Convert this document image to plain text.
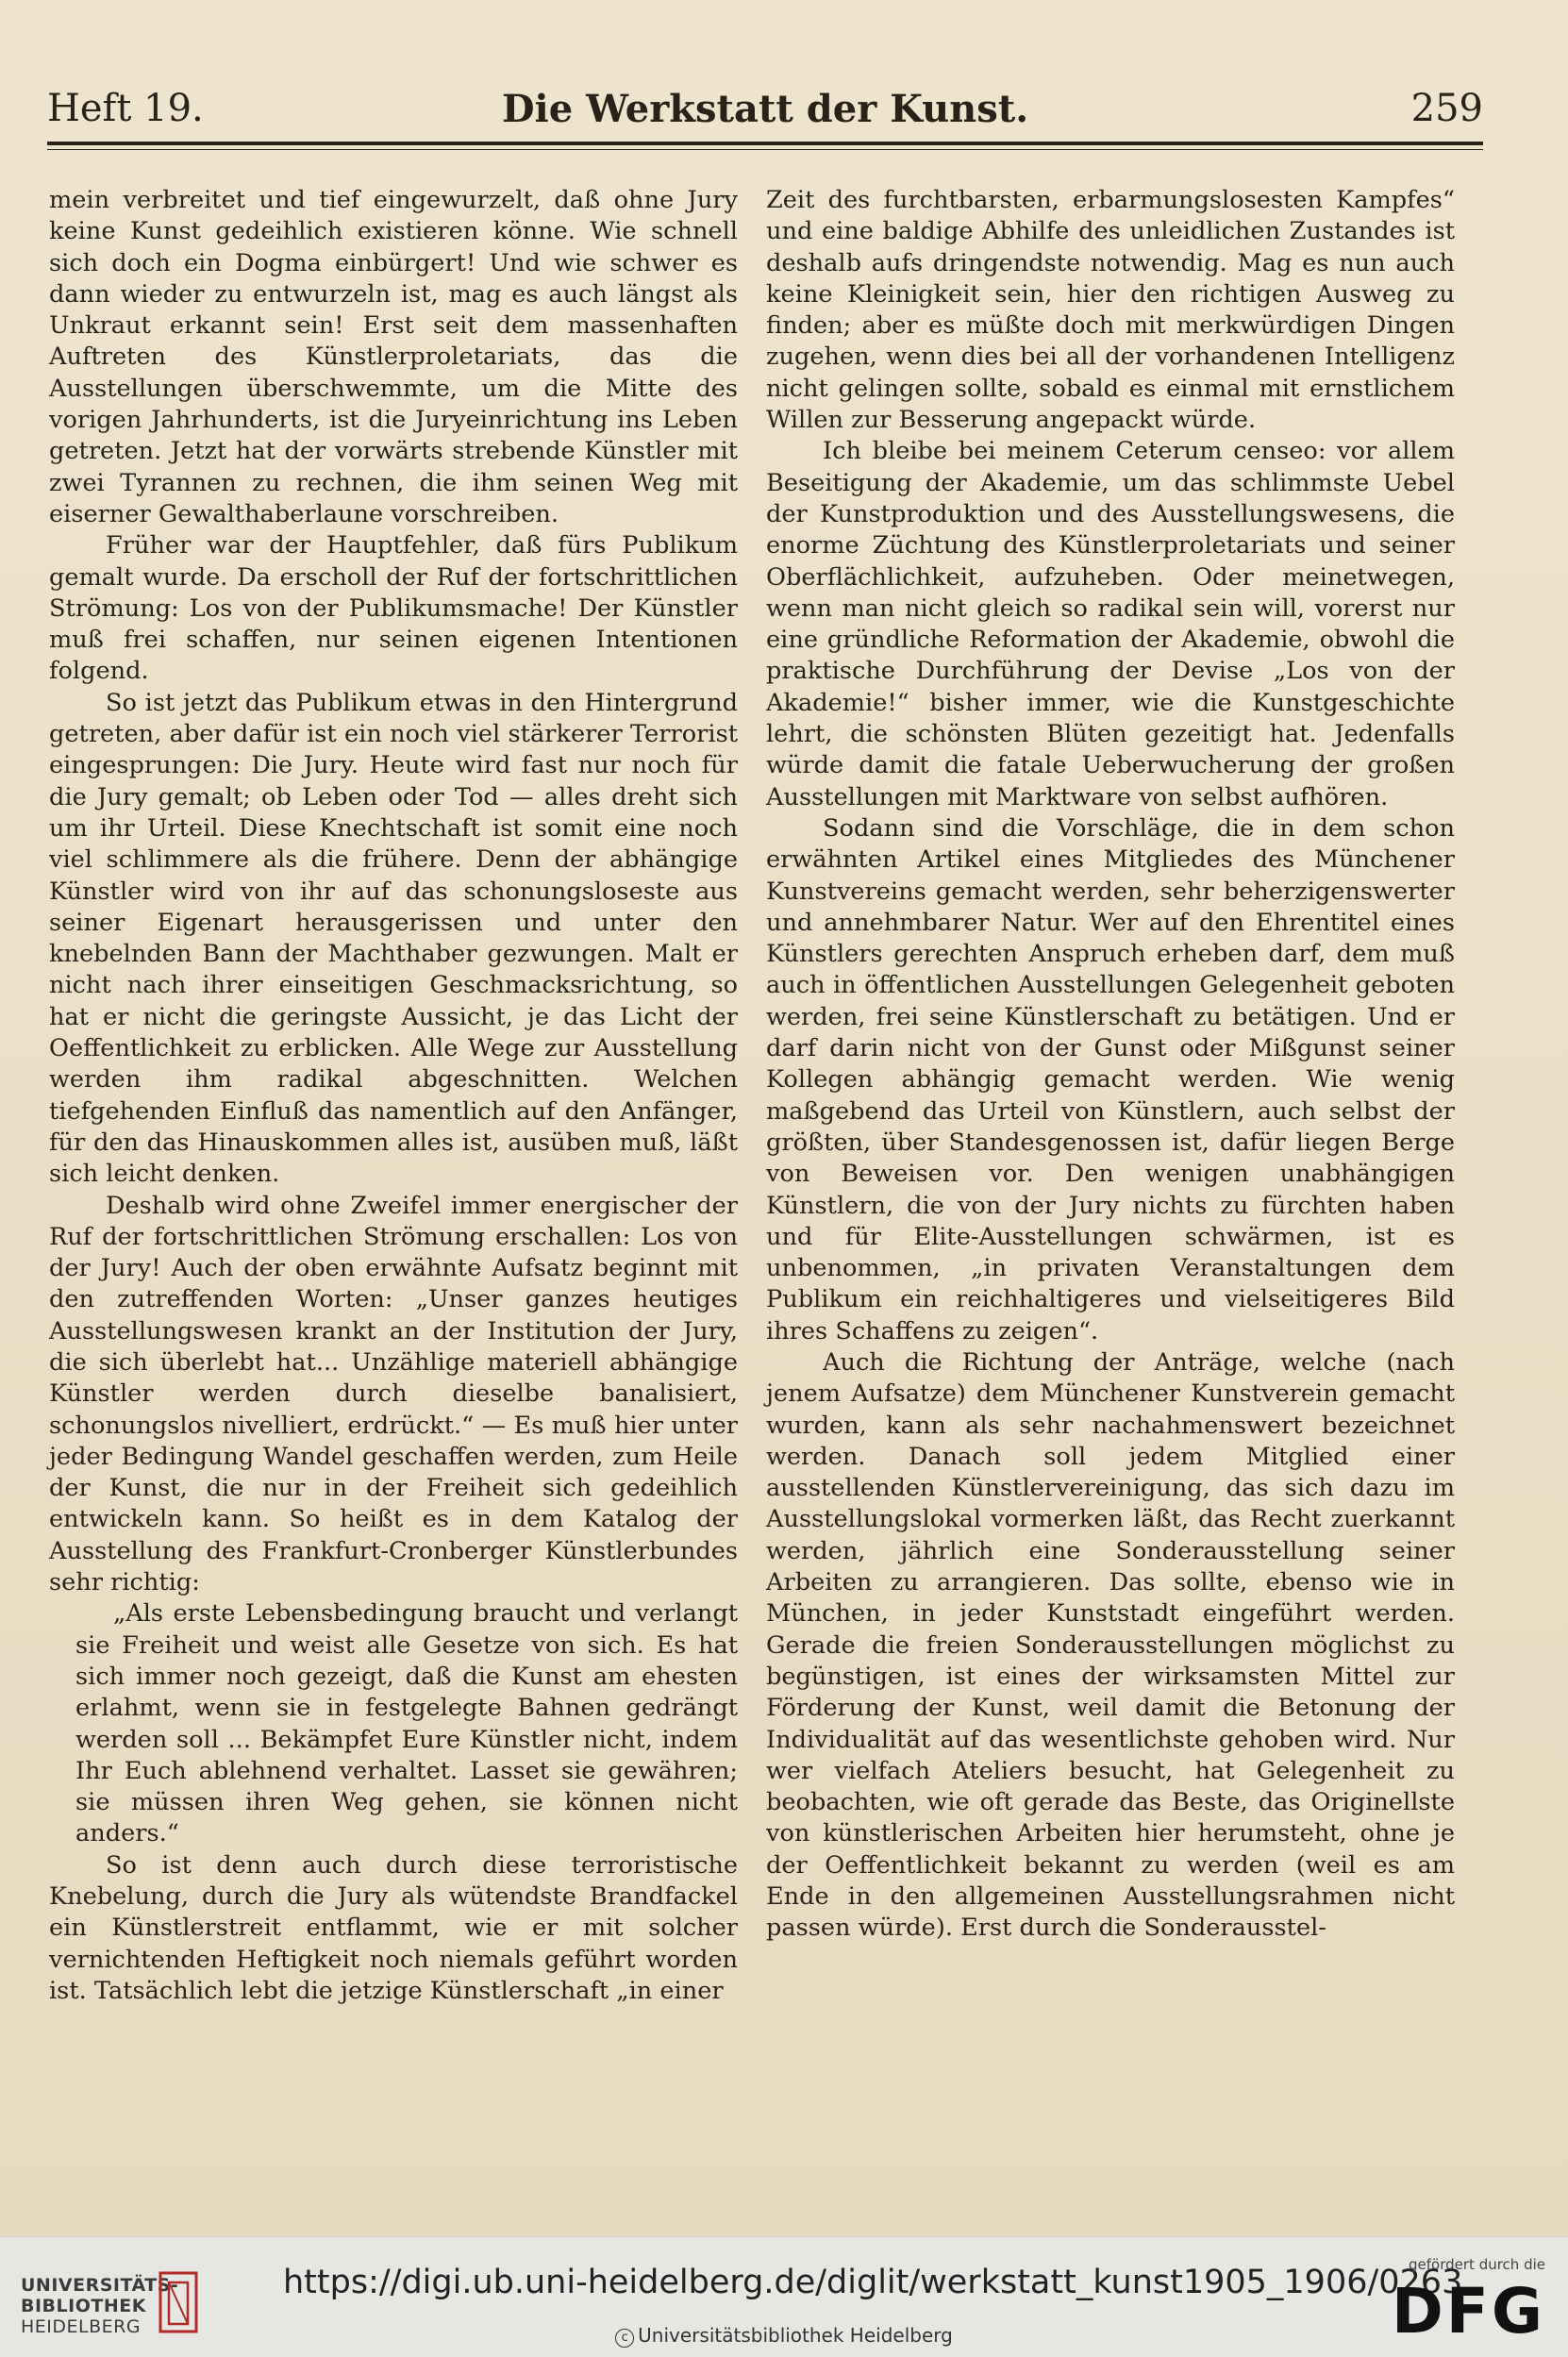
Heft 19.	Die Werkstatt der Kunst.	259

mein verbreitet und tief eingewurzelt, daß ohne Jury keine Kunst gedeihlich existieren könne. Wie schnell sich doch ein Dogma einbürgert! Und wie schwer es dann wieder zu entwurzeln ist, mag es auch längst als Unkraut erkannt sein! Erst seit dem massenhaften Auftreten des Künstlerproletariats, das die Ausstellungen überschwemmte, um die Mitte des vorigen Jahrhunderts, ist die Juryeinrichtung ins Leben getreten. Jetzt hat der vorwärts strebende Künstler mit zwei Tyrannen zu rechnen, die ihm seinen Weg mit eiserner Gewalthaberlaune vorschreiben.

Früher war der Hauptfehler, daß fürs Publikum gemalt wurde. Da erscholl der Ruf der fortschrittlichen Strömung: Los von der Publikumsmache! Der Künstler muß frei schaffen, nur seinen eigenen Intentionen folgend.

So ist jetzt das Publikum etwas in den Hintergrund getreten, aber dafür ist ein noch viel stärkerer Terrorist eingesprungen: Die Jury. Heute wird fast nur noch für die Jury gemalt; ob Leben oder Tod — alles dreht sich um ihr Urteil. Diese Knechtschaft ist somit eine noch viel schlimmere als die frühere. Denn der abhängige Künstler wird von ihr auf das schonungsloseste aus seiner Eigenart herausgerissen und unter den knebelnden Bann der Machthaber gezwungen. Malt er nicht nach ihrer einseitigen Geschmacksrichtung, so hat er nicht die geringste Aussicht, je das Licht der Oeffentlichkeit zu erblicken. Alle Wege zur Ausstellung werden ihm radikal abgeschnitten. Welchen tiefgehenden Einfluß das namentlich auf den Anfänger, für den das Hinauskommen alles ist, ausüben muß, läßt sich leicht denken.

Deshalb wird ohne Zweifel immer energischer der Ruf der fortschrittlichen Strömung erschallen: Los von der Jury! Auch der oben erwähnte Aufsatz beginnt mit den zutreffenden Worten: „Unser ganzes heutiges Ausstellungswesen krankt an der Institution der Jury, die sich überlebt hat... Unzählige materiell abhängige Künstler werden durch dieselbe banalisiert, schonungslos nivelliert, erdrückt.“ — Es muß hier unter jeder Bedingung Wandel geschaffen werden, zum Heile der Kunst, die nur in der Freiheit sich gedeihlich entwickeln kann. So heißt es in dem Katalog der Ausstellung des Frankfurt-Cronberger Künstlerbundes sehr richtig:

„Als erste Lebensbedingung braucht und verlangt sie Freiheit und weist alle Gesetze von sich. Es hat sich immer noch gezeigt, daß die Kunst am ehesten erlahmt, wenn sie in festgelegte Bahnen gedrängt werden soll ... Bekämpfet Eure Künstler nicht, indem Ihr Euch ablehnend verhaltet. Lasset sie gewähren; sie müssen ihren Weg gehen, sie können nicht anders.“

So ist denn auch durch diese terroristische Knebelung, durch die Jury als wütendste Brandfackel ein Künstlerstreit entflammt, wie er mit solcher vernichtenden Heftigkeit noch niemals geführt worden ist. Tatsächlich lebt die jetzige Künstlerschaft „in einer

Zeit des furchtbarsten, erbarmungslosesten Kampfes“ und eine baldige Abhilfe des unleidlichen Zustandes ist deshalb aufs dringendste notwendig. Mag es nun auch keine Kleinigkeit sein, hier den richtigen Ausweg zu finden; aber es müßte doch mit merkwürdigen Dingen zugehen, wenn dies bei all der vorhandenen Intelligenz nicht gelingen sollte, sobald es einmal mit ernstlichem Willen zur Besserung angepackt würde.

Ich bleibe bei meinem Ceterum censeo: vor allem Beseitigung der Akademie, um das schlimmste Uebel der Kunstproduktion und des Ausstellungswesens, die enorme Züchtung des Künstlerproletariats und seiner Oberflächlichkeit, aufzuheben. Oder meinetwegen, wenn man nicht gleich so radikal sein will, vorerst nur eine gründliche Reformation der Akademie, obwohl die praktische Durchführung der Devise „Los von der Akademie!“ bisher immer, wie die Kunstgeschichte lehrt, die schönsten Blüten gezeitigt hat. Jedenfalls würde damit die fatale Ueberwucherung der großen Ausstellungen mit Marktware von selbst aufhören.

Sodann sind die Vorschläge, die in dem schon erwähnten Artikel eines Mitgliedes des Münchener Kunstvereins gemacht werden, sehr beherzigenswerter und annehmbarer Natur. Wer auf den Ehrentitel eines Künstlers gerechten Anspruch erheben darf, dem muß auch in öffentlichen Ausstellungen Gelegenheit geboten werden, frei seine Künstlerschaft zu betätigen. Und er darf darin nicht von der Gunst oder Mißgunst seiner Kollegen abhängig gemacht werden. Wie wenig maßgebend das Urteil von Künstlern, auch selbst der größten, über Standesgenossen ist, dafür liegen Berge von Beweisen vor. Den wenigen unabhängigen Künstlern, die von der Jury nichts zu fürchten haben und für Elite-Ausstellungen schwärmen, ist es unbenommen, „in privaten Veranstaltungen dem Publikum ein reichhaltigeres und vielseitigeres Bild ihres Schaffens zu zeigen“.

Auch die Richtung der Anträge, welche (nach jenem Aufsatze) dem Münchener Kunstverein gemacht wurden, kann als sehr nachahmenswert bezeichnet werden. Danach soll jedem Mitglied einer ausstellenden Künstlervereinigung, das sich dazu im Ausstellungslokal vormerken läßt, das Recht zuerkannt werden, jährlich eine Sonderausstellung seiner Arbeiten zu arrangieren. Das sollte, ebenso wie in München, in jeder Kunststadt eingeführt werden. Gerade die freien Sonderausstellungen möglichst zu begünstigen, ist eines der wirksamsten Mittel zur Förderung der Kunst, weil damit die Betonung der Individualität auf das wesentlichste gehoben wird. Nur wer vielfach Ateliers besucht, hat Gelegenheit zu beobachten, wie oft gerade das Beste, das Originellste von künstlerischen Arbeiten hier herumsteht, ohne je der Oeffentlichkeit bekannt zu werden (weil es am Ende in den allgemeinen Ausstellungsrahmen nicht passen würde). Erst durch die Sonderausstel-

UNIVERSITÄTS-
BIBLIOTHEK
HEIDELBERG
https://digi.ub.uni-heidelberg.de/diglit/werkstatt_kunst1905_1906/0263
c Universitätsbibliothek Heidelberg
gefördert durch die
DFG
